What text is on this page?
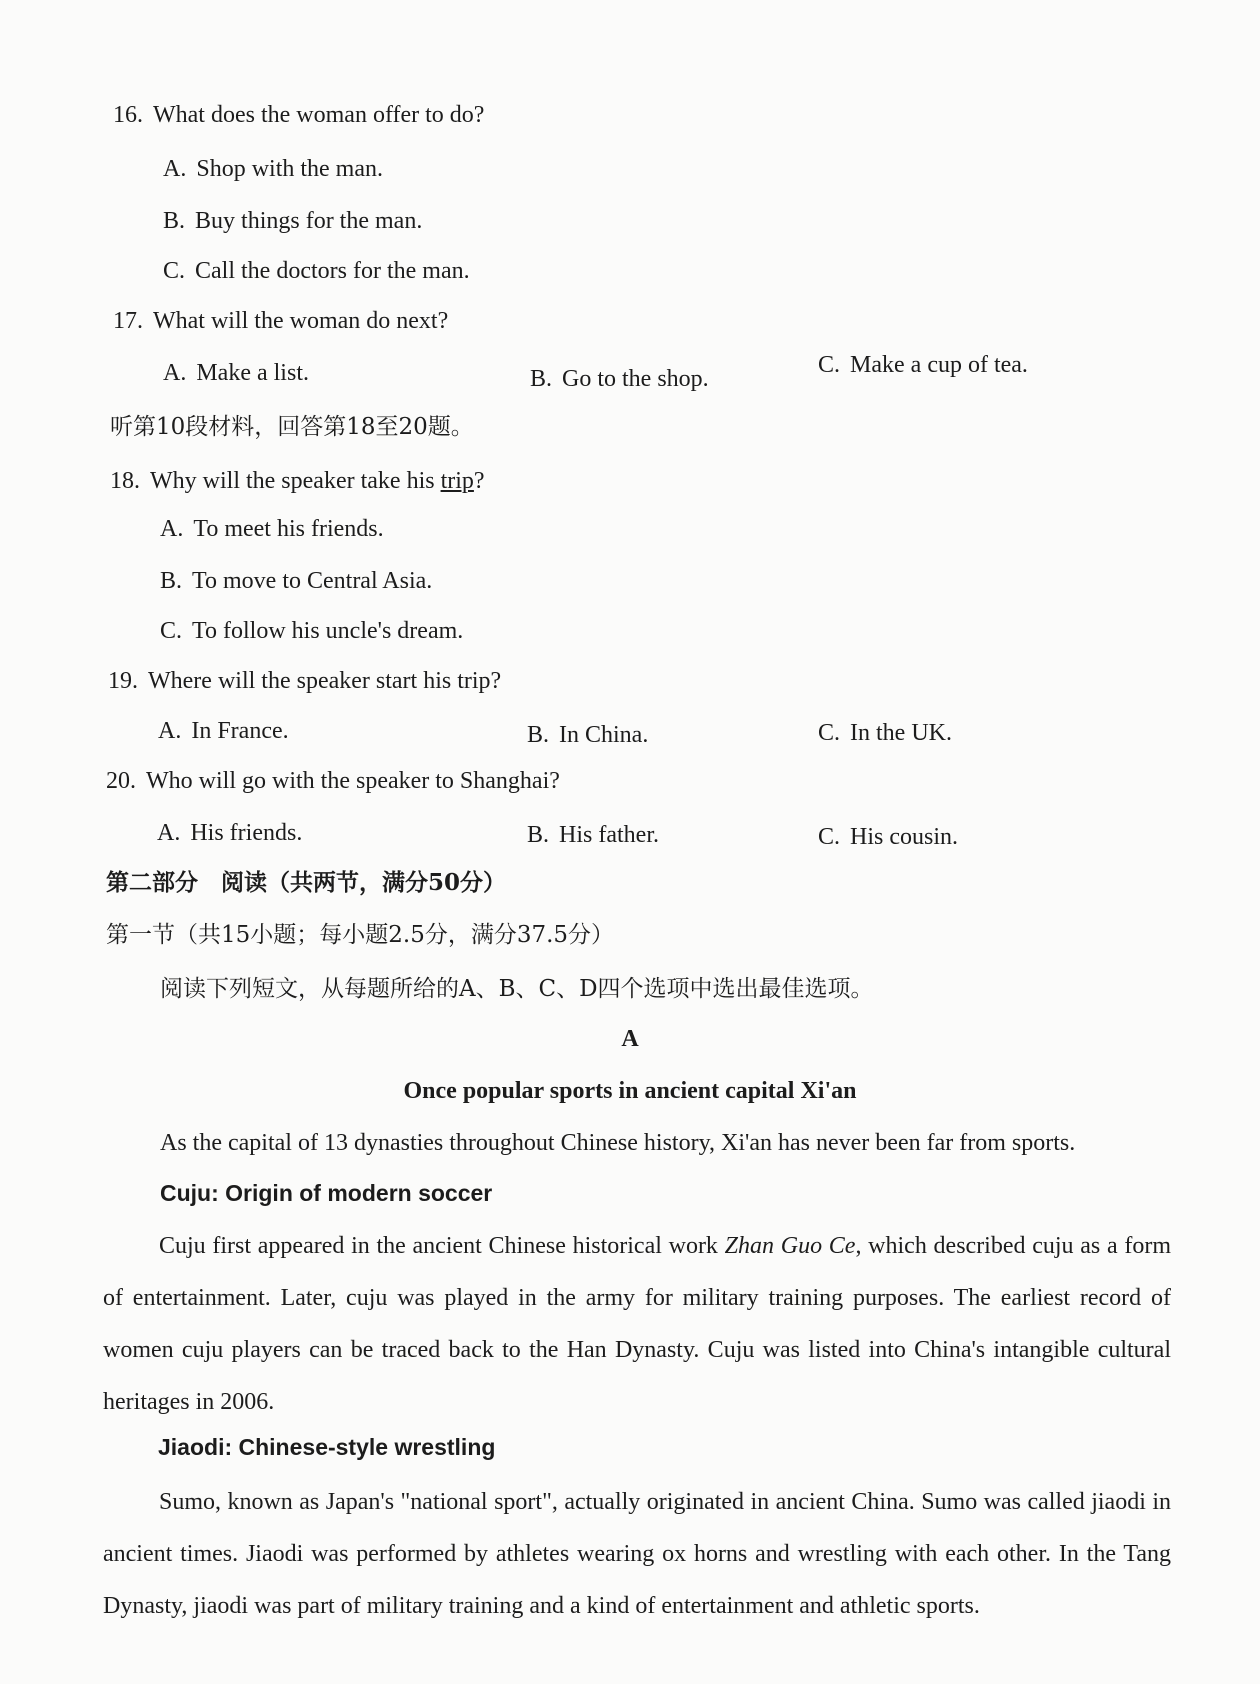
16. What does the woman offer to do?
A. Shop with the man.
B. Buy things for the man.
C. Call the doctors for the man.
17. What will the woman do next?
A. Make a list.	B. Go to the shop.
C. Make a cup of tea.
听第10段材料，回答第18至20题。
18. Why will the speaker take his trip?
A. To meet his friends.
B. To move to Central Asia.
C. To follow his uncle's dream.
19. Where will the speaker start his trip?
A. In France.	B. In China.	C. In the UK.
20. Who will go with the speaker to Shanghai?
A. His friends.	B. His father.	C. His cousin.
第二部分　阅读（共两节，满分50分）
第一节（共15小题；每小题2.5分，满分37.5分）
阅读下列短文，从每题所给的A、B、C、D四个选项中选出最佳选项。
A
Once popular sports in ancient capital Xi'an
As the capital of 13 dynasties throughout Chinese history, Xi'an has never been far from sports.
Cuju: Origin of modern soccer
Cuju first appeared in the ancient Chinese historical work Zhan Guo Ce, which described cuju as a form of entertainment. Later, cuju was played in the army for military training purposes. The earliest record of women cuju players can be traced back to the Han Dynasty. Cuju was listed into China's intangible cultural heritages in 2006.
Jiaodi: Chinese-style wrestling
Sumo, known as Japan's "national sport", actually originated in ancient China. Sumo was called jiaodi in ancient times. Jiaodi was performed by athletes wearing ox horns and wrestling with each other. In the Tang Dynasty, jiaodi was part of military training and a kind of entertainment and athletic sports.
